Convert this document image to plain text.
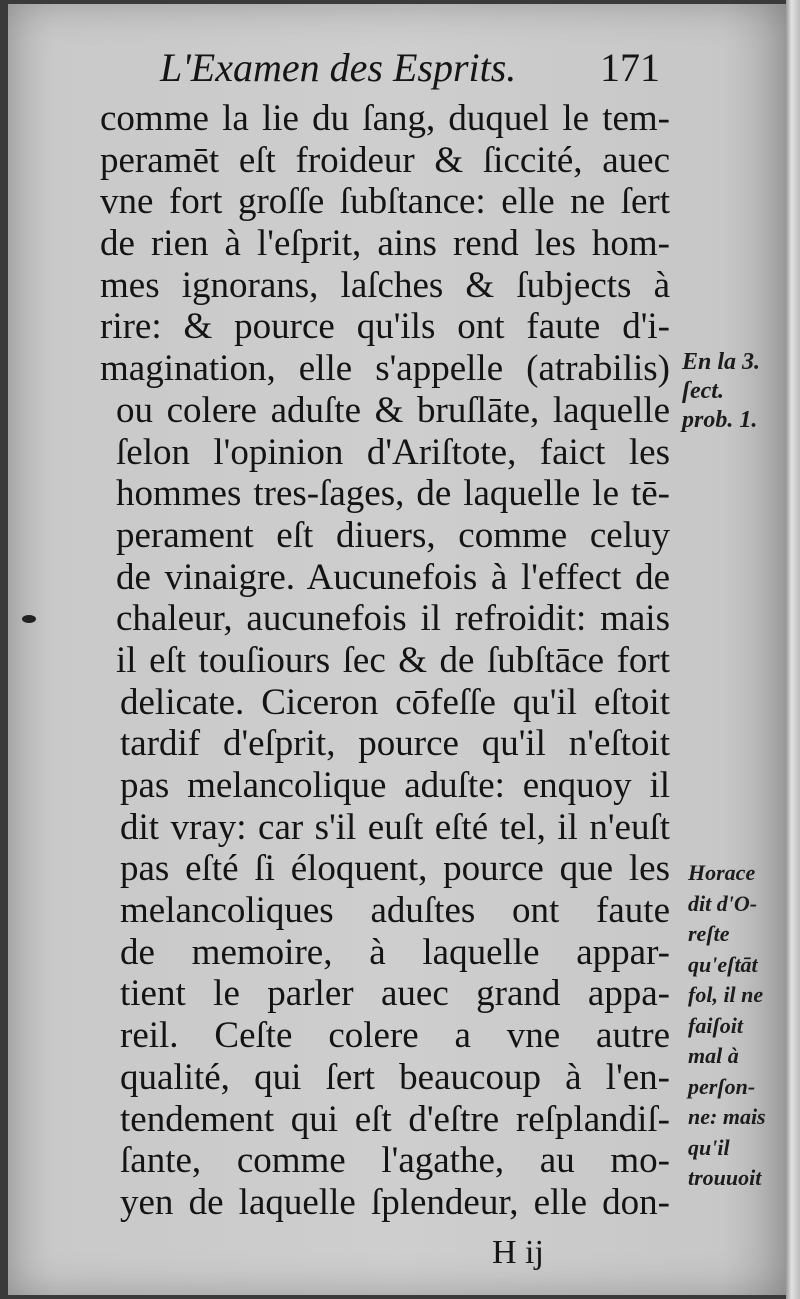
L'Examen des Esprits. 171
comme la lie du ſang, duquel le tem-
peramēt eſt froideur & ſiccité, auec
vne fort groſſe ſubſtance: elle ne ſert
de rien à l'eſprit, ains rend les hom-
mes ignorans, laſches & ſubjects à
rire: & pource qu'ils ont faute d'i-
magination, elle s'appelle (atrabilis)
ou colere aduſte & bruſlāte, laquelle
ſelon l'opinion d'Ariſtote, faict les
hommes tres-ſages, de laquelle le tē-
perament eſt diuers, comme celuy
de vinaigre. Aucunefois à l'effect de
chaleur, aucunefois il refroidit: mais
il eſt touſiours ſec & de ſubſtāce fort
delicate. Ciceron cōfeſſe qu'il eſtoit
tardif d'eſprit, pource qu'il n'eſtoit
pas melancolique aduſte: enquoy il
dit vray: car s'il euſt eſté tel, il n'euſt
pas eſté ſi éloquent, pource que les
melancoliques aduſtes ont faute
de memoire, à laquelle appar-
tient le parler auec grand appa-
reil. Ceſte colere a vne autre
qualité, qui ſert beaucoup à l'en-
tendement qui eſt d'eſtre reſplandiſ-
ſante, comme l'agathe, au mo-
yen de laquelle ſplendeur, elle don-
En la 3.
ſect.
prob. 1.
Horace
dit d'O-
reſte
qu'eſtāt
fol, il ne
faiſoit
mal à
perſon-
ne: mais
qu'il
trouuoit
H ij
